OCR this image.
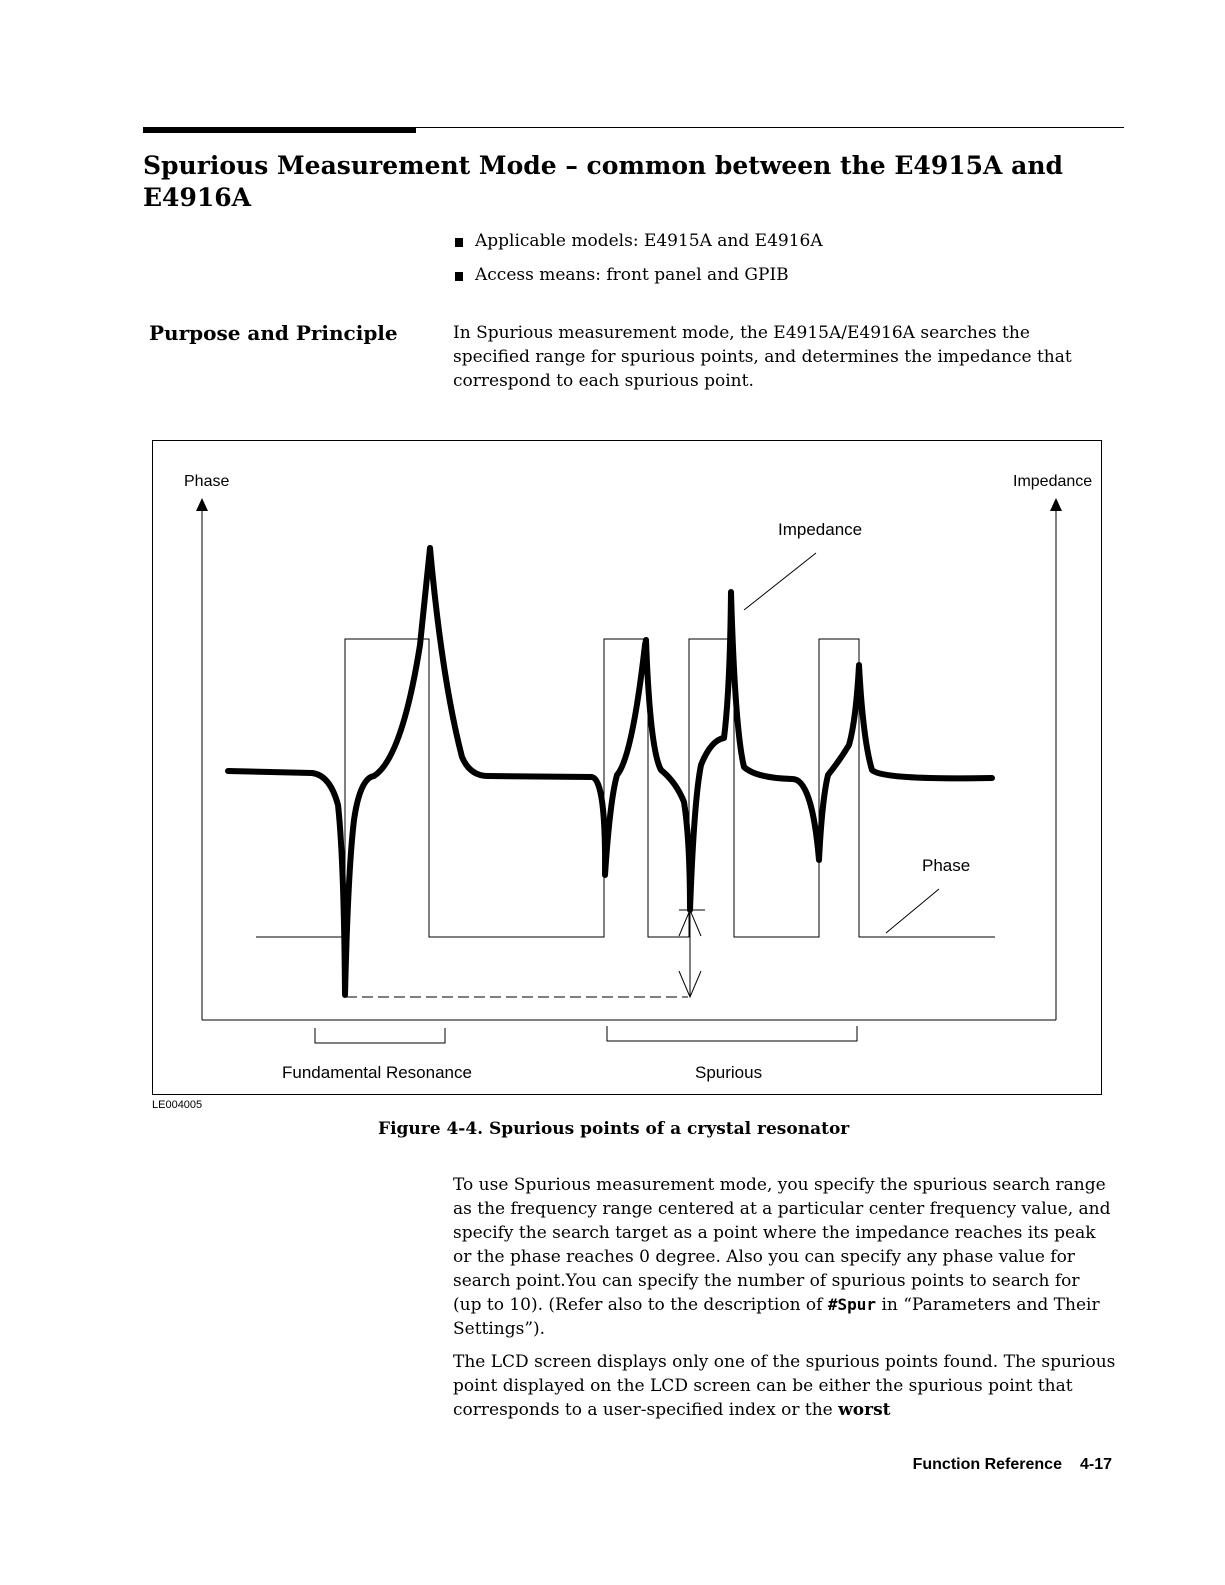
Spurious Measurement Mode – common between the E4915A and E4916A
Applicable models: E4915A and E4916A
Access means: front panel and GPIB
Purpose and Principle	In Spurious measurement mode, the E4915A/E4916A searches the specified range for spurious points, and determines the impedance that correspond to each spurious point.

Phase	Impedance
Impedance
Phase
Fundamental Resonance	Spurious
LE004005

Figure 4-4. Spurious points of a crystal resonator

To use Spurious measurement mode, you specify the spurious search range as the frequency range centered at a particular center frequency value, and specify the search target as a point where the impedance reaches its peak or the phase reaches 0 degree. Also you can specify any phase value for search point.You can specify the number of spurious points to search for (up to 10). (Refer also to the description of #Spur in “Parameters and Their Settings”).

The LCD screen displays only one of the spurious points found. The spurious point displayed on the LCD screen can be either the spurious point that corresponds to a user-specified index or the worst

Function Reference 4-17
